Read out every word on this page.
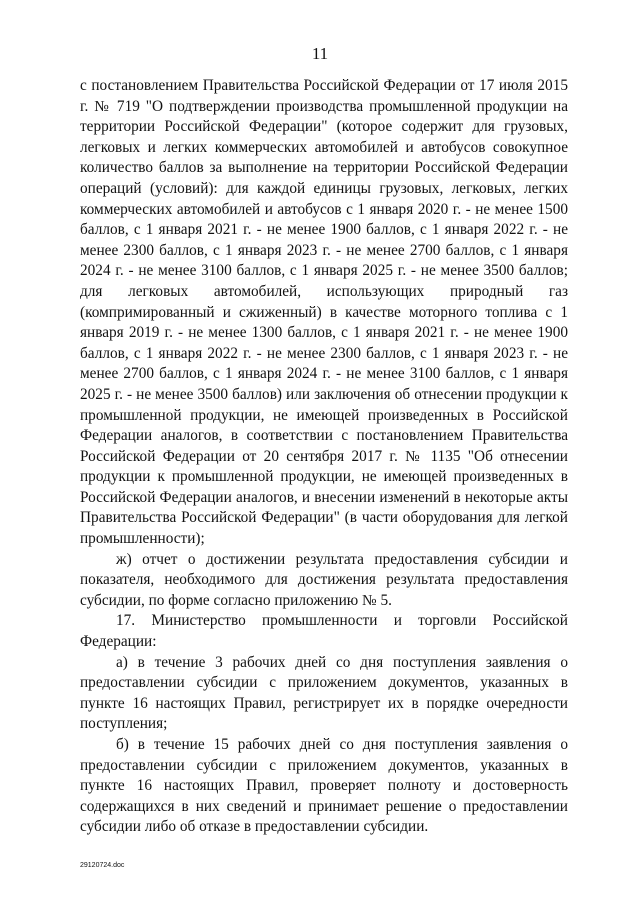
11

с постановлением Правительства Российской Федерации от 17 июля 2015 г. № 719 "О подтверждении производства промышленной продукции на территории Российской Федерации" (которое содержит для грузовых, легковых и легких коммерческих автомобилей и автобусов совокупное количество баллов за выполнение на территории Российской Федерации операций (условий): для каждой единицы грузовых, легковых, легких коммерческих автомобилей и автобусов с 1 января 2020 г. - не менее 1500 баллов, с 1 января 2021 г. - не менее 1900 баллов, с 1 января 2022 г. - не менее 2300 баллов, с 1 января 2023 г. - не менее 2700 баллов, с 1 января 2024 г. - не менее 3100 баллов, с 1 января 2025 г. - не менее 3500 баллов; для легковых автомобилей, использующих природный газ (компримированный и сжиженный) в качестве моторного топлива с 1 января 2019 г. - не менее 1300 баллов, с 1 января 2021 г. - не менее 1900 баллов, с 1 января 2022 г. - не менее 2300 баллов, с 1 января 2023 г. - не менее 2700 баллов, с 1 января 2024 г. - не менее 3100 баллов, с 1 января 2025 г. - не менее 3500 баллов) или заключения об отнесении продукции к промышленной продукции, не имеющей произведенных в Российской Федерации аналогов, в соответствии с постановлением Правительства Российской Федерации от 20 сентября 2017 г. № 1135 "Об отнесении продукции к промышленной продукции, не имеющей произведенных в Российской Федерации аналогов, и внесении изменений в некоторые акты Правительства Российской Федерации" (в части оборудования для легкой промышленности);

ж) отчет о достижении результата предоставления субсидии и показателя, необходимого для достижения результата предоставления субсидии, по форме согласно приложению № 5.

17. Министерство промышленности и торговли Российской Федерации:

а) в течение 3 рабочих дней со дня поступления заявления о предоставлении субсидии с приложением документов, указанных в пункте 16 настоящих Правил, регистрирует их в порядке очередности поступления;

б) в течение 15 рабочих дней со дня поступления заявления о предоставлении субсидии с приложением документов, указанных в пункте 16 настоящих Правил, проверяет полноту и достоверность содержащихся в них сведений и принимает решение о предоставлении субсидии либо об отказе в предоставлении субсидии.

29120724.doc
